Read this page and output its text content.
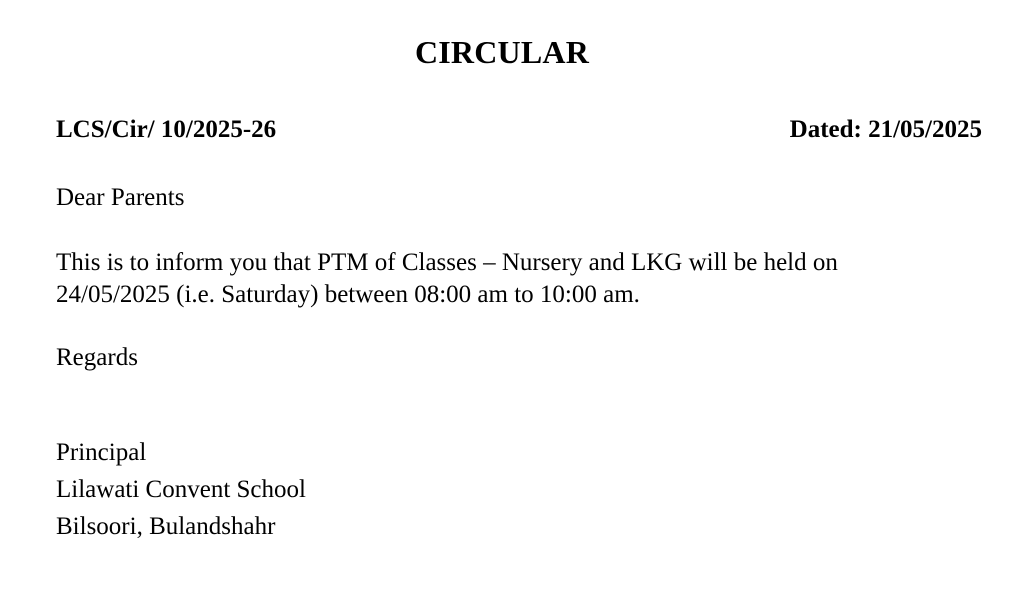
CIRCULAR
LCS/Cir/ 10/2025-26	Dated: 21/05/2025
Dear Parents
This is to inform you that PTM of Classes – Nursery and LKG will be held on
24/05/2025 (i.e. Saturday) between 08:00 am to 10:00 am.
Regards
Principal
Lilawati Convent School
Bilsoori, Bulandshahr
